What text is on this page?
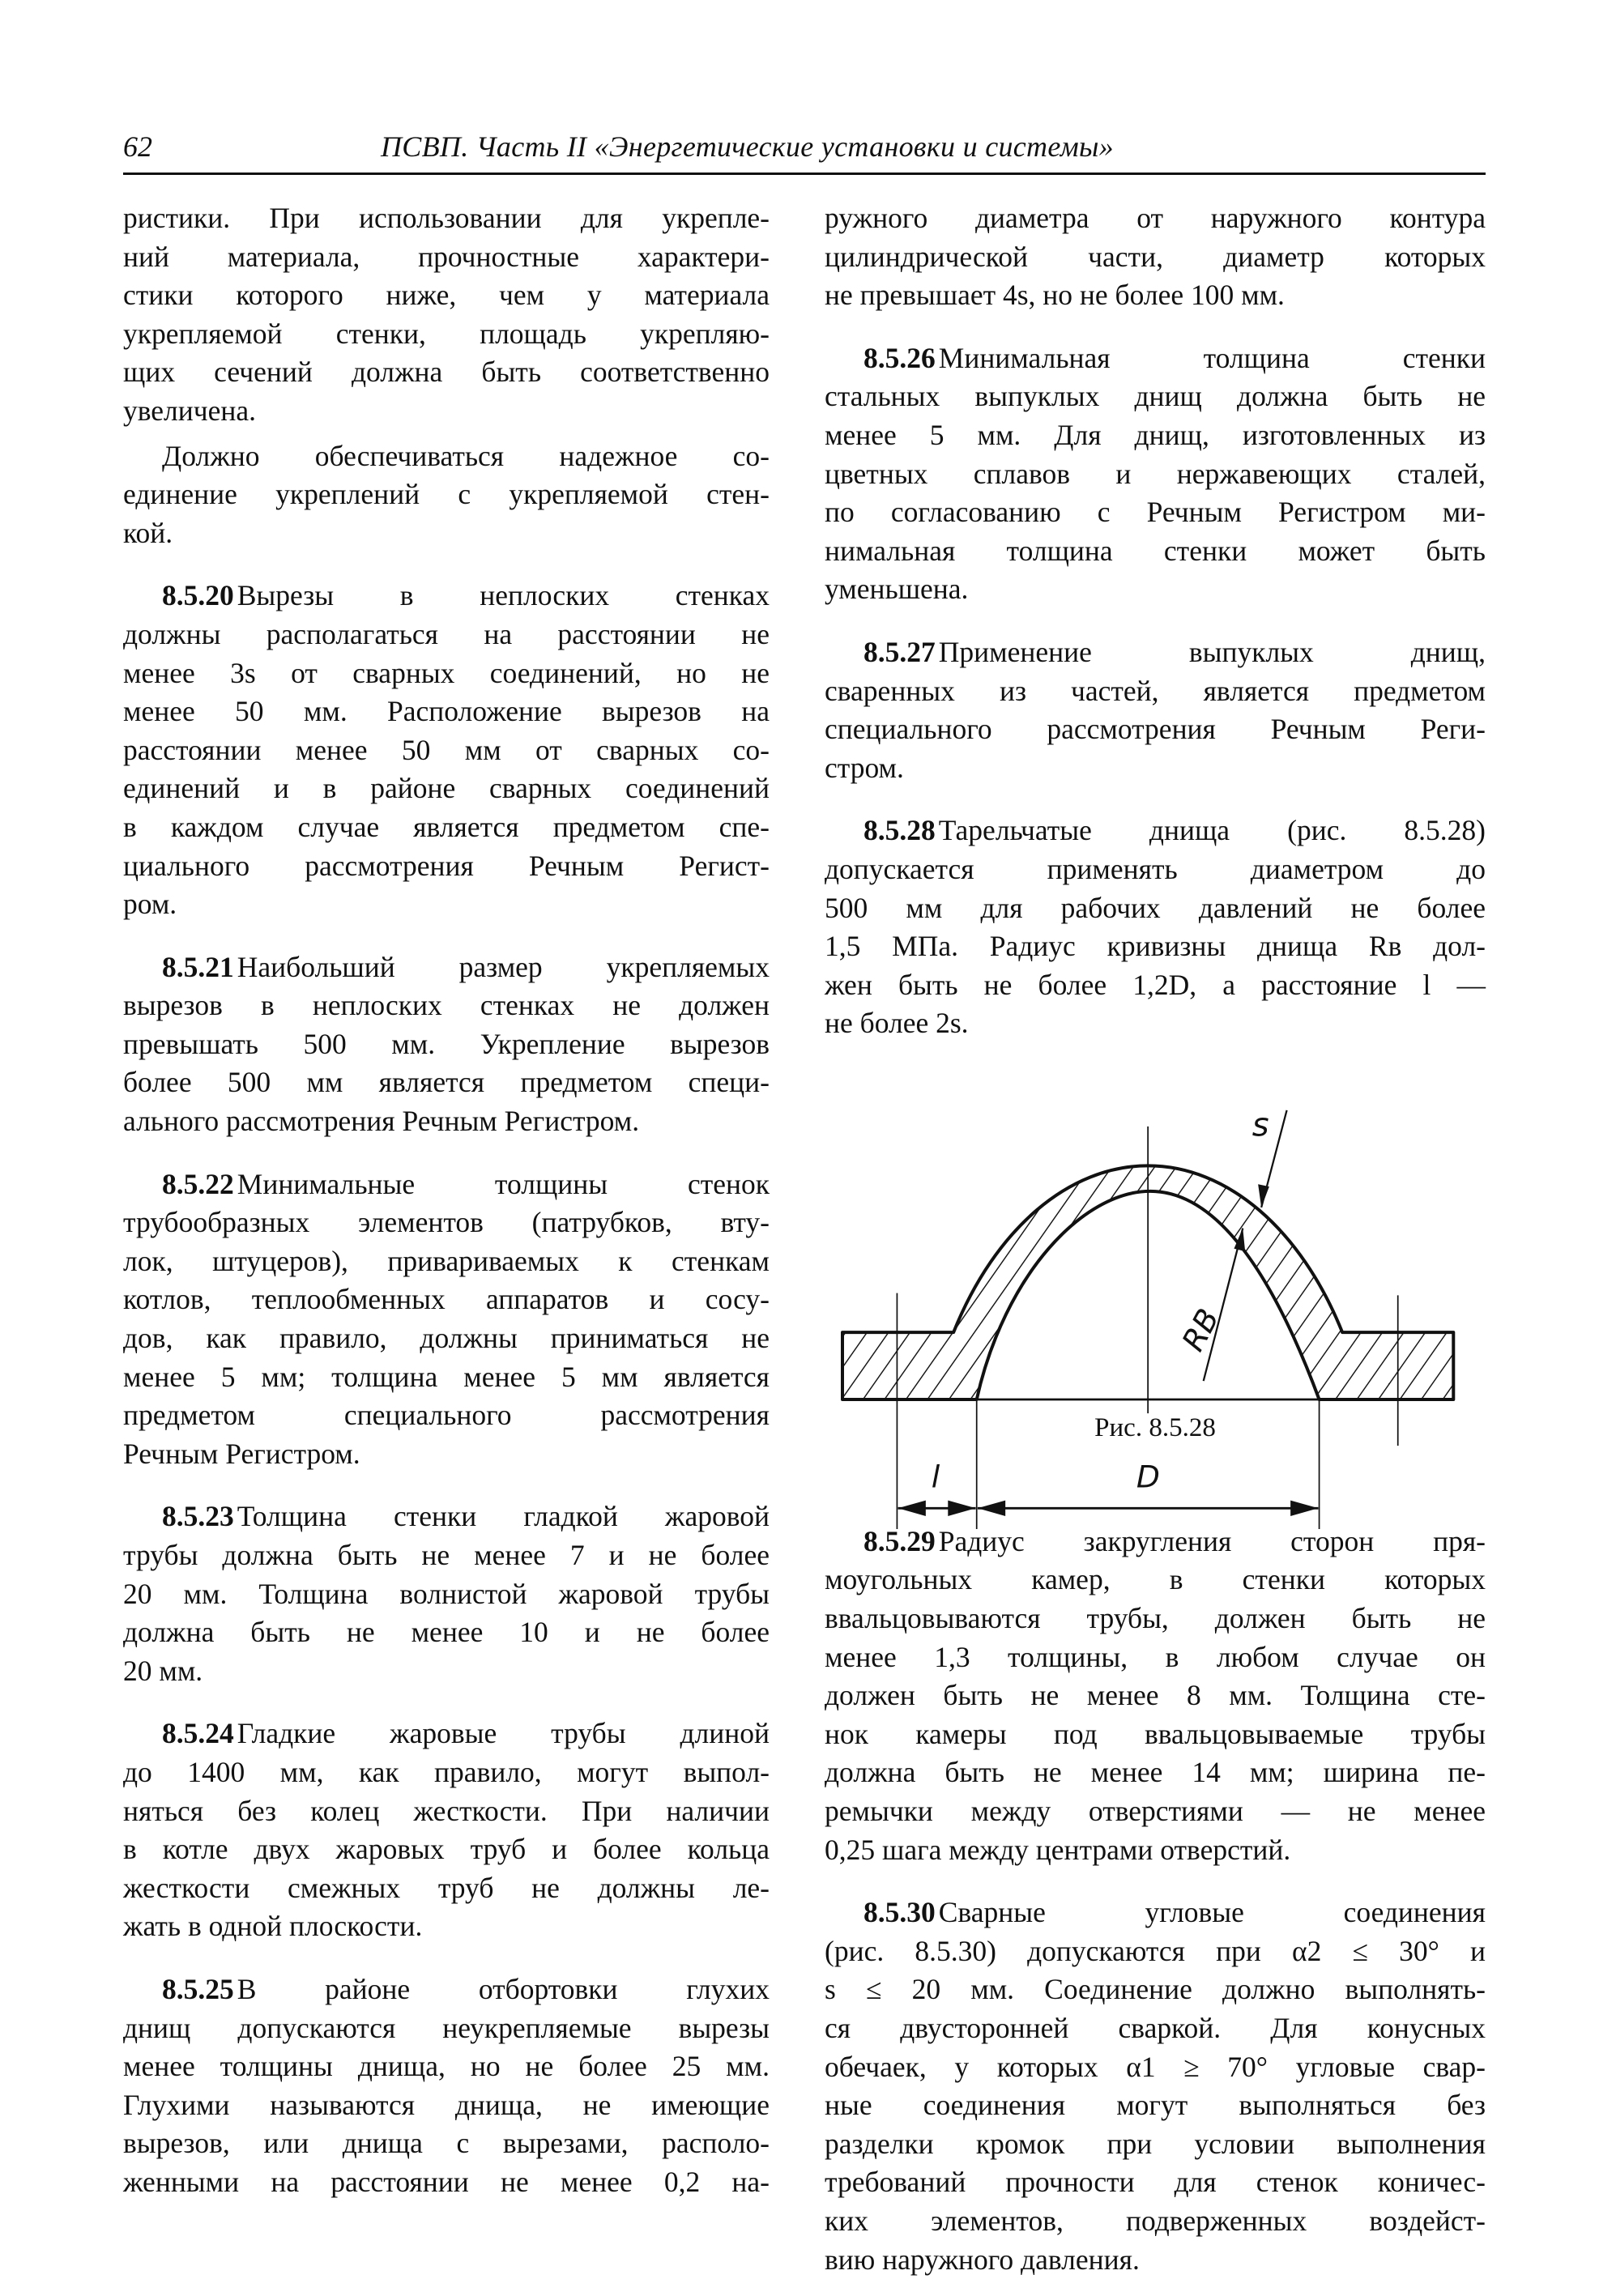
62	ПСВП. Часть II «Энергетические установки и системы»
ристики. При использовании для укрепле-
ний материала, прочностные характери-
стики которого ниже, чем у материала
укрепляемой стенки, площадь укрепляю-
щих сечений должна быть соответственно
увеличена.
Должно обеспечиваться надежное со-
единение укреплений с укрепляемой стен-
кой.
8.5.20 Вырезы в неплоских стенках
должны располагаться на расстоянии не
менее 3s от сварных соединений, но не
менее 50 мм. Расположение вырезов на
расстоянии менее 50 мм от сварных со-
единений и в районе сварных соединений
в каждом случае является предметом спе-
циального рассмотрения Речным Регист-
ром.
8.5.21 Наибольший размер укрепляемых
вырезов в неплоских стенках не должен
превышать 500 мм. Укрепление вырезов
более 500 мм является предметом специ-
ального рассмотрения Речным Регистром.
8.5.22 Минимальные толщины стенок
трубообразных элементов (патрубков, вту-
лок, штуцеров), привариваемых к стенкам
котлов, теплообменных аппаратов и сосу-
дов, как правило, должны приниматься не
менее 5 мм; толщина менее 5 мм является
предметом специального рассмотрения
Речным Регистром.
8.5.23 Толщина стенки гладкой жаровой
трубы должна быть не менее 7 и не более
20 мм. Толщина волнистой жаровой трубы
должна быть не менее 10 и не более
20 мм.
8.5.24 Гладкие жаровые трубы длиной
до 1400 мм, как правило, могут выпол-
няться без колец жесткости. При наличии
в котле двух жаровых труб и более кольца
жесткости смежных труб не должны ле-
жать в одной плоскости.
8.5.25 В районе отбортовки глухих
днищ допускаются неукрепляемые вырезы
менее толщины днища, но не более 25 мм.
Глухими называются днища, не имеющие
вырезов, или днища с вырезами, располо-
женными на расстоянии не менее 0,2 на-
ружного диаметра от наружного контура
цилиндрической части, диаметр которых
не превышает 4s, но не более 100 мм.
8.5.26 Минимальная толщина стенки
стальных выпуклых днищ должна быть не
менее 5 мм. Для днищ, изготовленных из
цветных сплавов и нержавеющих сталей,
по согласованию с Речным Регистром ми-
нимальная толщина стенки может быть
уменьшена.
8.5.27 Применение выпуклых днищ,
сваренных из частей, является предметом
специального рассмотрения Речным Реги-
стром.
8.5.28 Тарельчатые днища (рис. 8.5.28)
допускается применять диаметром до
500 мм для рабочих давлений не более
1,5 МПа. Радиус кривизны днища Rв дол-
жен быть не более 1,2D, а расстояние l —
не более 2s.
s
RB
l	D
Рис. 8.5.28
8.5.29 Радиус закругления сторон пря-
моугольных камер, в стенки которых
ввальцовываются трубы, должен быть не
менее 1,3 толщины, в любом случае он
должен быть не менее 8 мм. Толщина сте-
нок камеры под ввальцовываемые трубы
должна быть не менее 14 мм; ширина пе-
ремычки между отверстиями — не менее
0,25 шага между центрами отверстий.
8.5.30 Сварные угловые соединения
(рис. 8.5.30) допускаются при α2 ≤ 30° и
s ≤ 20 мм. Соединение должно выполнять-
ся двусторонней сваркой. Для конусных
обечаек, у которых α1 ≥ 70° угловые свар-
ные соединения могут выполняться без
разделки кромок при условии выполнения
требований прочности для стенок коничес-
ких элементов, подверженных воздейст-
вию наружного давления.
